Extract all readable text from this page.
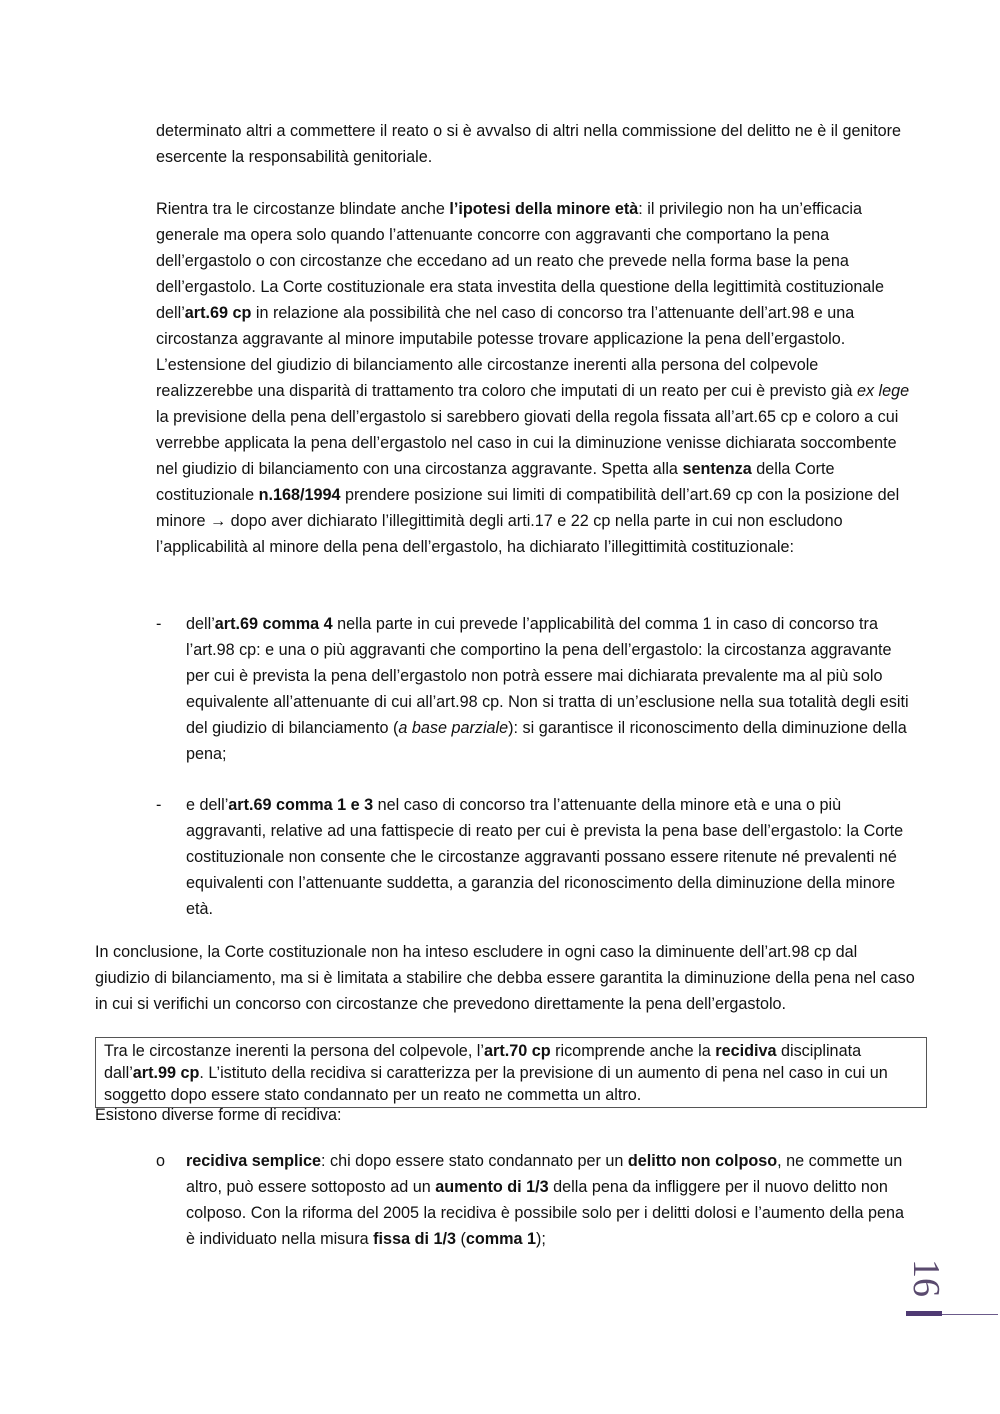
determinato altri a commettere il reato o si è avvalso di altri nella commissione del delitto ne è il genitore esercente la responsabilità genitoriale.

Rientra tra le circostanze blindate anche l’ipotesi della minore età: il privilegio non ha un’efficacia generale ma opera solo quando l’attenuante concorre con aggravanti che comportano la pena dell’ergastolo o con circostanze che eccedano ad un reato che prevede nella forma base la pena dell’ergastolo. La Corte costituzionale era stata investita della questione della legittimità costituzionale dell’art.69 cp in relazione ala possibilità che nel caso di concorso tra l’attenuante dell’art.98 e una circostanza aggravante al minore imputabile potesse trovare applicazione la pena dell’ergastolo. L’estensione del giudizio di bilanciamento alle circostanze inerenti alla persona del colpevole realizzerebbe una disparità di trattamento tra coloro che imputati di un reato per cui è previsto già ex lege la previsione della pena dell’ergastolo si sarebbero giovati della regola fissata all’art.65 cp e coloro a cui verrebbe applicata la pena dell’ergastolo nel caso in cui la diminuzione venisse dichiarata soccombente nel giudizio di bilanciamento con una circostanza aggravante. Spetta alla sentenza della Corte costituzionale n.168/1994 prendere posizione sui limiti di compatibilità dell’art.69 cp con la posizione del minore → dopo aver dichiarato l’illegittimità degli arti.17 e 22 cp nella parte in cui non escludono l’applicabilità al minore della pena dell’ergastolo, ha dichiarato l’illegittimità costituzionale:

- dell’art.69 comma 4 nella parte in cui prevede l’applicabilità del comma 1 in caso di concorso tra l’art.98 cp: e una o più aggravanti che comportino la pena dell’ergastolo: la circostanza aggravante per cui è prevista la pena dell’ergastolo non potrà essere mai dichiarata prevalente ma al più solo equivalente all’attenuante di cui all’art.98 cp. Non si tratta di un’esclusione nella sua totalità degli esiti del giudizio di bilanciamento (a base parziale): si garantisce il riconoscimento della diminuzione della pena;
- e dell’art.69 comma 1 e 3 nel caso di concorso tra l’attenuante della minore età e una o più aggravanti, relative ad una fattispecie di reato per cui è prevista la pena base dell’ergastolo: la Corte costituzionale non consente che le circostanze aggravanti possano essere ritenute né prevalenti né equivalenti con l’attenuante suddetta, a garanzia del riconoscimento della diminuzione della minore età.

In conclusione, la Corte costituzionale non ha inteso escludere in ogni caso la diminuente dell’art.98 cp dal giudizio di bilanciamento, ma si è limitata a stabilire che debba essere garantita la diminuzione della pena nel caso in cui si verifichi un concorso con circostanze che prevedono direttamente la pena dell’ergastolo.

Tra le circostanze inerenti la persona del colpevole, l’art.70 cp ricomprende anche la recidiva disciplinata dall’art.99 cp. L’istituto della recidiva si caratterizza per la previsione di un aumento di pena nel caso in cui un soggetto dopo essere stato condannato per un reato ne commetta un altro.

Esistono diverse forme di recidiva:

o recidiva semplice: chi dopo essere stato condannato per un delitto non colposo, ne commette un altro, può essere sottoposto ad un aumento di 1/3 della pena da infliggere per il nuovo delitto non colposo. Con la riforma del 2005 la recidiva è possibile solo per i delitti dolosi e l’aumento della pena è individuato nella misura fissa di 1/3 (comma 1);
16
